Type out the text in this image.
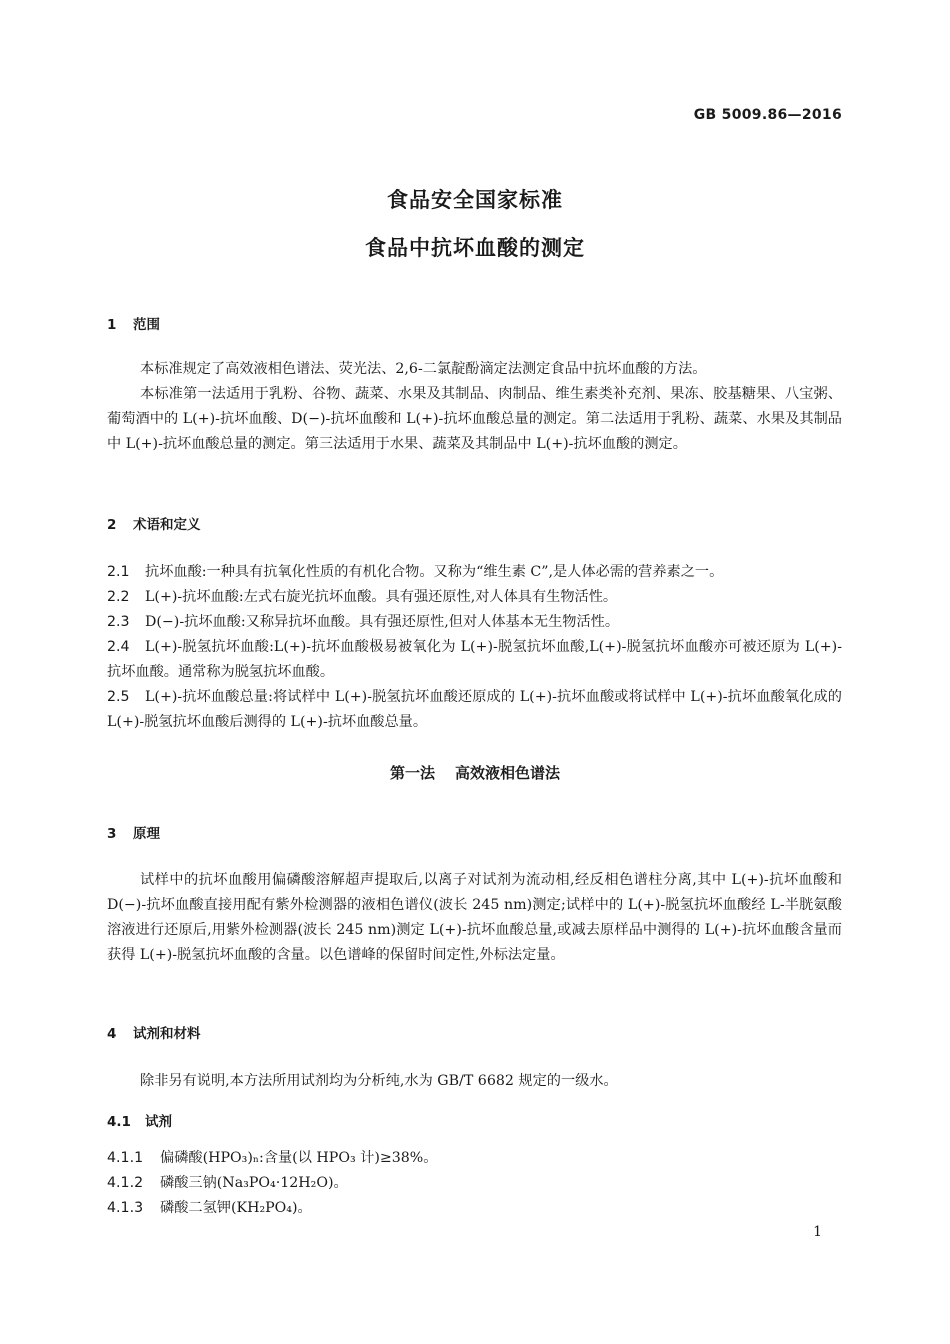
GB 5009.86—2016
食品安全国家标准
食品中抗坏血酸的测定
1 范围
本标准规定了高效液相色谱法、荧光法、2,6-二氯靛酚滴定法测定食品中抗坏血酸的方法。
本标准第一法适用于乳粉、谷物、蔬菜、水果及其制品、肉制品、维生素类补充剂、果冻、胶基糖果、八宝粥、葡萄酒中的 L(+)-抗坏血酸、D(−)-抗坏血酸和 L(+)-抗坏血酸总量的测定。第二法适用于乳粉、蔬菜、水果及其制品中 L(+)-抗坏血酸总量的测定。第三法适用于水果、蔬菜及其制品中 L(+)-抗坏血酸的测定。
2 术语和定义
2.1 抗坏血酸:一种具有抗氧化性质的有机化合物。又称为“维生素 C”,是人体必需的营养素之一。
2.2 L(+)-抗坏血酸:左式右旋光抗坏血酸。具有强还原性,对人体具有生物活性。
2.3 D(−)-抗坏血酸:又称异抗坏血酸。具有强还原性,但对人体基本无生物活性。
2.4 L(+)-脱氢抗坏血酸:L(+)-抗坏血酸极易被氧化为 L(+)-脱氢抗坏血酸,L(+)-脱氢抗坏血酸亦可被还原为 L(+)-抗坏血酸。通常称为脱氢抗坏血酸。
2.5 L(+)-抗坏血酸总量:将试样中 L(+)-脱氢抗坏血酸还原成的 L(+)-抗坏血酸或将试样中 L(+)-抗坏血酸氧化成的 L(+)-脱氢抗坏血酸后测得的 L(+)-抗坏血酸总量。
第一法 高效液相色谱法
3 原理
试样中的抗坏血酸用偏磷酸溶解超声提取后,以离子对试剂为流动相,经反相色谱柱分离,其中 L(+)-抗坏血酸和 D(−)-抗坏血酸直接用配有紫外检测器的液相色谱仪(波长 245 nm)测定;试样中的 L(+)-脱氢抗坏血酸经 L-半胱氨酸溶液进行还原后,用紫外检测器(波长 245 nm)测定 L(+)-抗坏血酸总量,或减去原样品中测得的 L(+)-抗坏血酸含量而获得 L(+)-脱氢抗坏血酸的含量。以色谱峰的保留时间定性,外标法定量。
4 试剂和材料
除非另有说明,本方法所用试剂均为分析纯,水为 GB/T 6682 规定的一级水。
4.1 试剂
4.1.1 偏磷酸(HPO₃)ₙ:含量(以 HPO₃ 计)≥38%。
4.1.2 磷酸三钠(Na₃PO₄·12H₂O)。
4.1.3 磷酸二氢钾(KH₂PO₄)。
1
